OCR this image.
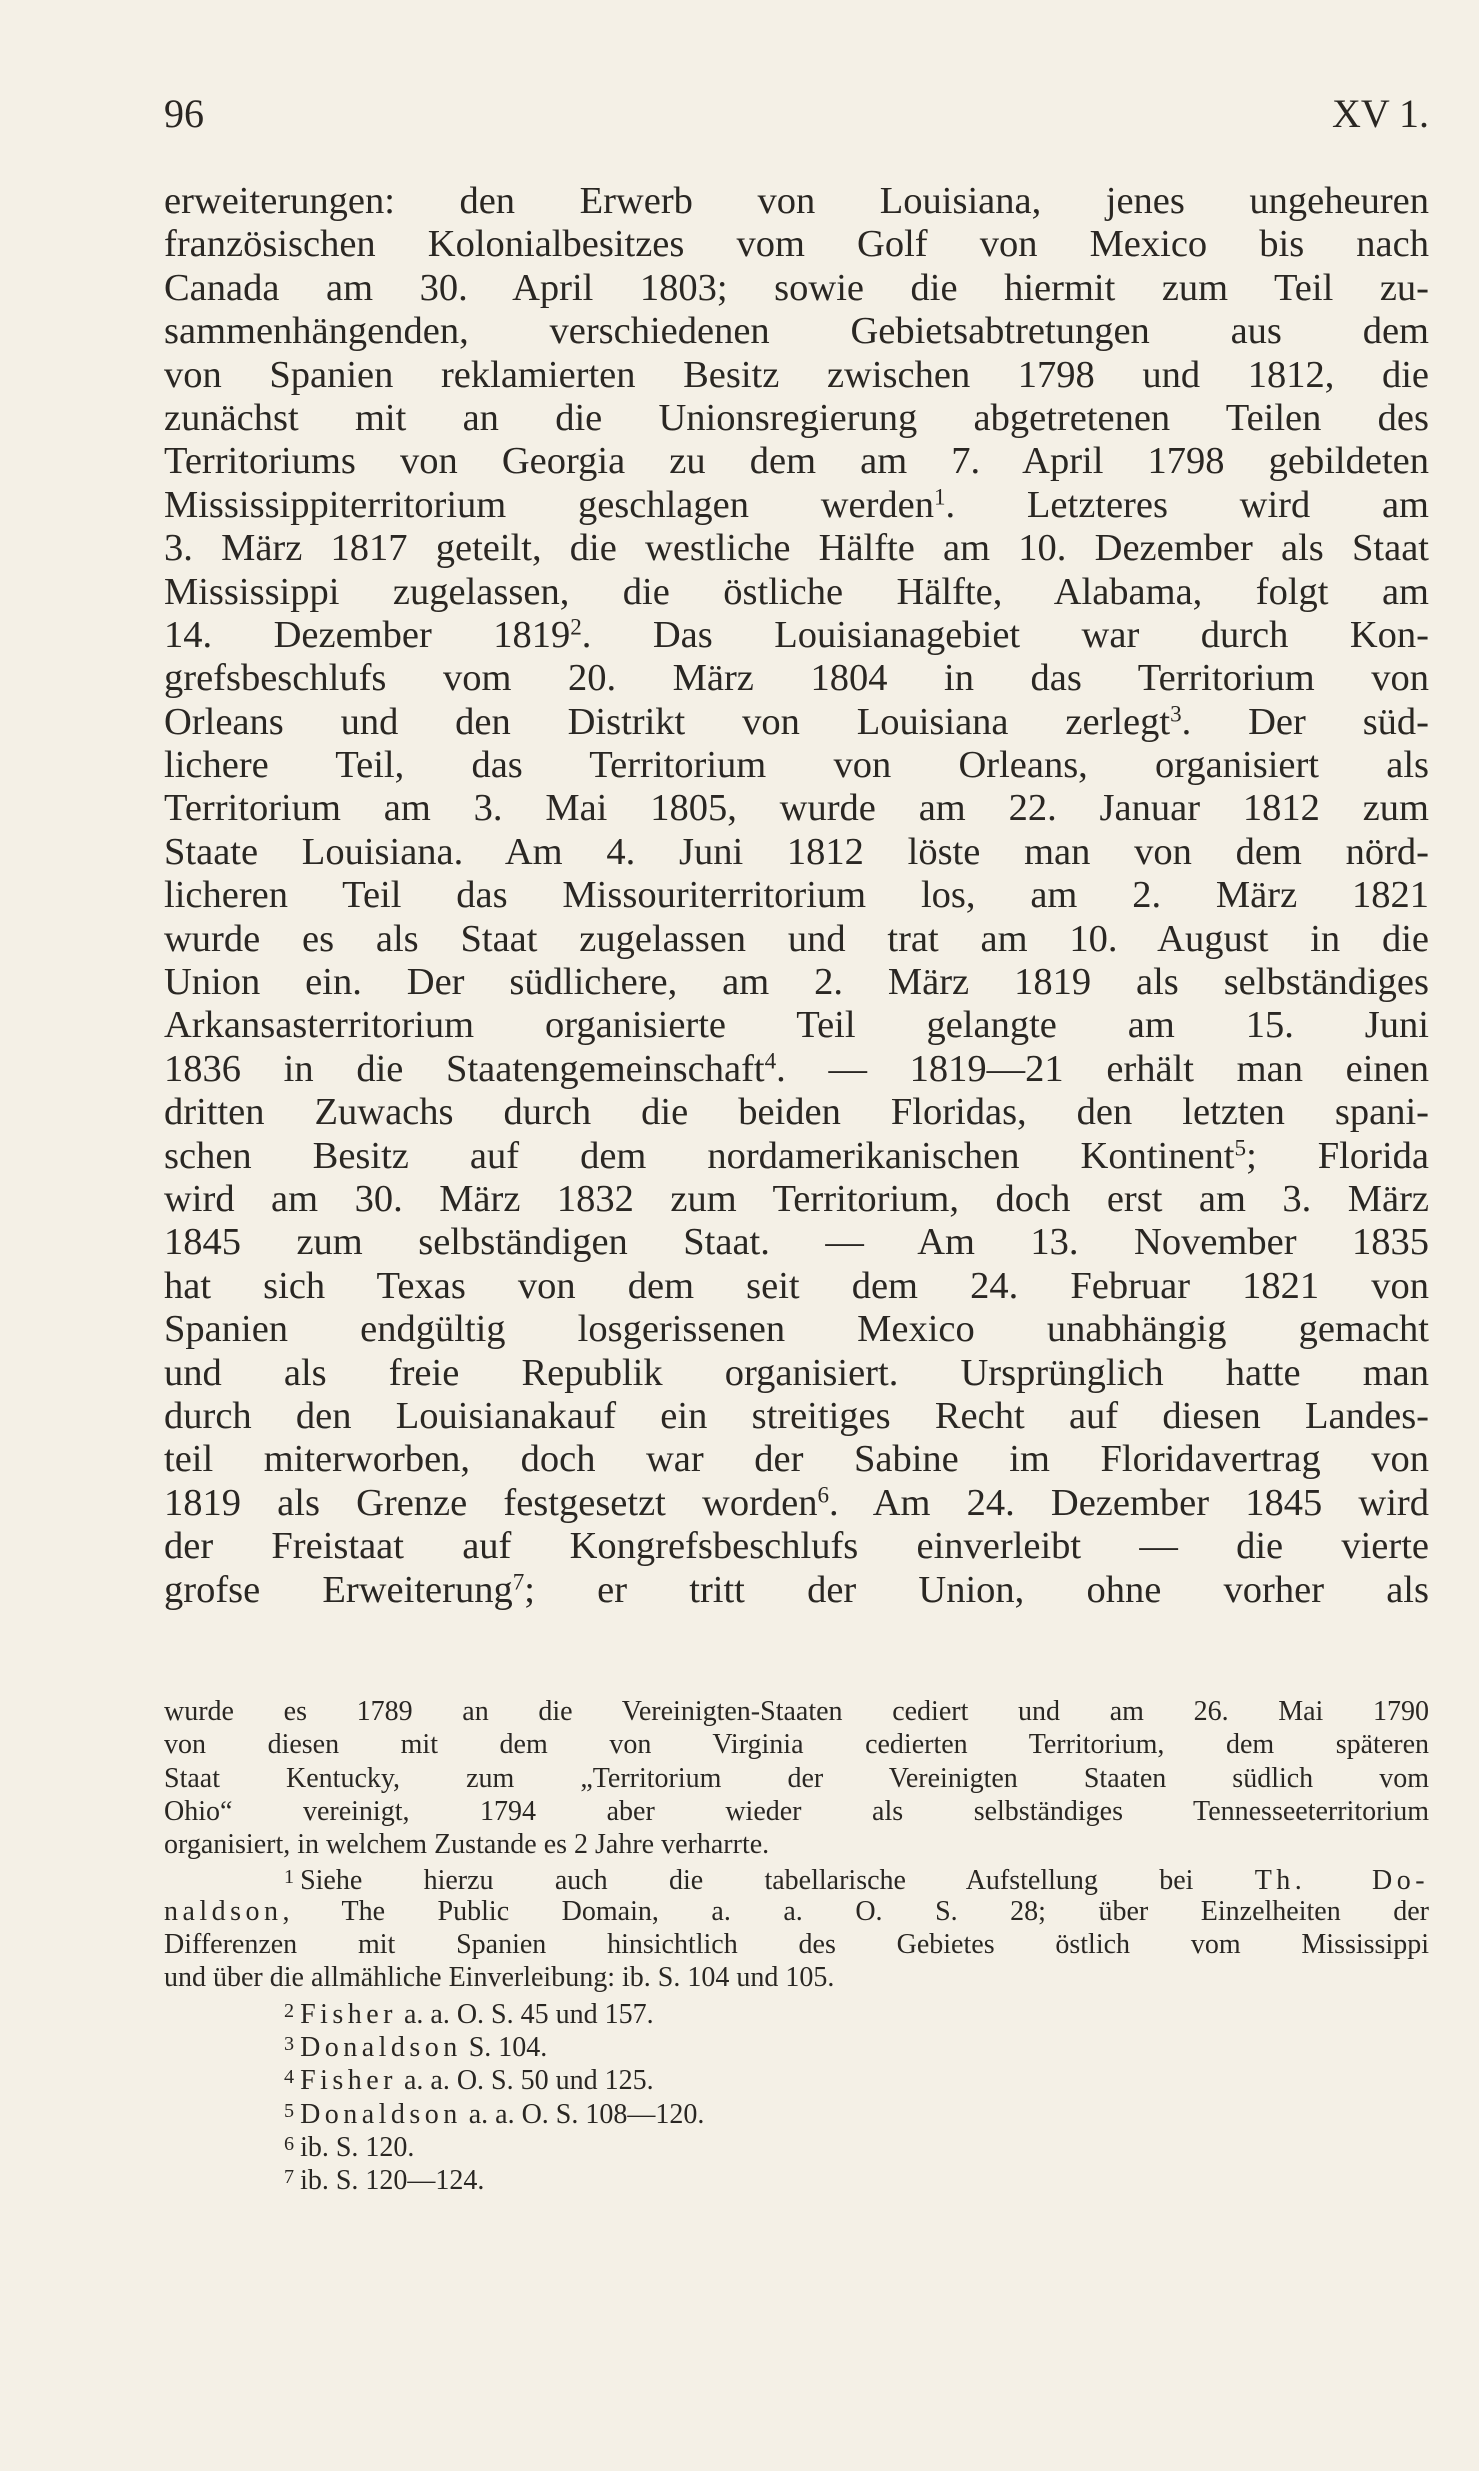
96	XV 1.
erweiterungen: den Erwerb von Louisiana, jenes ungeheuren
französischen Kolonialbesitzes vom Golf von Mexico bis nach
Canada am 30. April 1803; sowie die hiermit zum Teil zu-
sammenhängenden, verschiedenen Gebietsabtretungen aus dem
von Spanien reklamierten Besitz zwischen 1798 und 1812, die
zunächst mit an die Unionsregierung abgetretenen Teilen des
Territoriums von Georgia zu dem am 7. April 1798 gebildeten
Mississippiterritorium geschlagen werden$^1$. Letzteres wird am
3. März 1817 geteilt, die westliche Hälfte am 10. Dezember als Staat
Mississippi zugelassen, die östliche Hälfte, Alabama, folgt am
14. Dezember 1819$^2$. Das Louisianagebiet war durch Kon-
grefsbeschlufs vom 20. März 1804 in das Territorium von
Orleans und den Distrikt von Louisiana zerlegt$^3$. Der süd-
lichere Teil, das Territorium von Orleans, organisiert als
Territorium am 3. Mai 1805, wurde am 22. Januar 1812 zum
Staate Louisiana. Am 4. Juni 1812 löste man von dem nörd-
licheren Teil das Missouriterritorium los, am 2. März 1821
wurde es als Staat zugelassen und trat am 10. August in die
Union ein. Der südlichere, am 2. März 1819 als selbständiges
Arkansasterritorium organisierte Teil gelangte am 15. Juni
1836 in die Staatengemeinschaft$^4$. — 1819—21 erhält man einen
dritten Zuwachs durch die beiden Floridas, den letzten spani-
schen Besitz auf dem nordamerikanischen Kontinent$^5$; Florida
wird am 30. März 1832 zum Territorium, doch erst am 3. März
1845 zum selbständigen Staat. — Am 13. November 1835
hat sich Texas von dem seit dem 24. Februar 1821 von
Spanien endgültig losgerissenen Mexico unabhängig gemacht
und als freie Republik organisiert. Ursprünglich hatte man
durch den Louisianakauf ein streitiges Recht auf diesen Landes-
teil miterworben, doch war der Sabine im Floridavertrag von
1819 als Grenze festgesetzt worden$^6$. Am 24. Dezember 1845 wird
der Freistaat auf Kongrefsbeschlufs einverleibt — die vierte
grofse Erweiterung$^7$; er tritt der Union, ohne vorher als
wurde es 1789 an die Vereinigten-Staaten cediert und am 26. Mai 1790
von diesen mit dem von Virginia cedierten Territorium, dem späteren
Staat Kentucky, zum „Territorium der Vereinigten Staaten südlich vom
Ohio“ vereinigt, 1794 aber wieder als selbständiges Tennesseeterritorium
organisiert, in welchem Zustande es 2 Jahre verharrte.
$^1$ Siehe hierzu auch die tabellarische Aufstellung bei Th. Do-
naldson, The Public Domain, a. a. O. S. 28; über Einzelheiten der
Differenzen mit Spanien hinsichtlich des Gebietes östlich vom Mississippi
und über die allmähliche Einverleibung: ib. S. 104 und 105.
$^2$ Fisher a. a. O. S. 45 und 157.
$^3$ Donaldson S. 104.
$^4$ Fisher a. a. O. S. 50 und 125.
$^5$ Donaldson a. a. O. S. 108—120.
$^6$ ib. S. 120.
$^7$ ib. S. 120—124.
